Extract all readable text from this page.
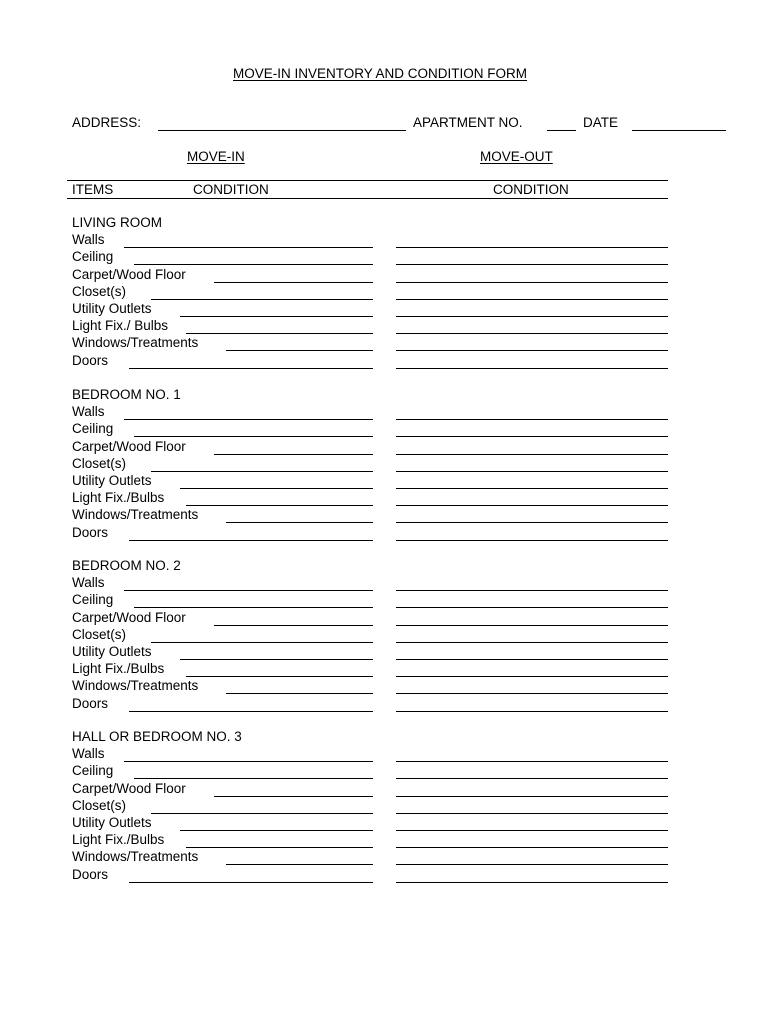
MOVE-IN INVENTORY AND CONDITION FORM
ADDRESS:	APARTMENT NO.	DATE
MOVE-IN	MOVE-OUT
ITEMS	CONDITION	CONDITION
LIVING ROOM
Walls
Ceiling
Carpet/Wood Floor
Closet(s)
Utility Outlets
Light Fix./ Bulbs
Windows/Treatments
Doors
BEDROOM NO. 1
Walls
Ceiling
Carpet/Wood Floor
Closet(s)
Utility Outlets
Light Fix./Bulbs
Windows/Treatments
Doors
BEDROOM NO. 2
Walls
Ceiling
Carpet/Wood Floor
Closet(s)
Utility Outlets
Light Fix./Bulbs
Windows/Treatments
Doors
HALL OR BEDROOM NO. 3
Walls
Ceiling
Carpet/Wood Floor
Closet(s)
Utility Outlets
Light Fix./Bulbs
Windows/Treatments
Doors
